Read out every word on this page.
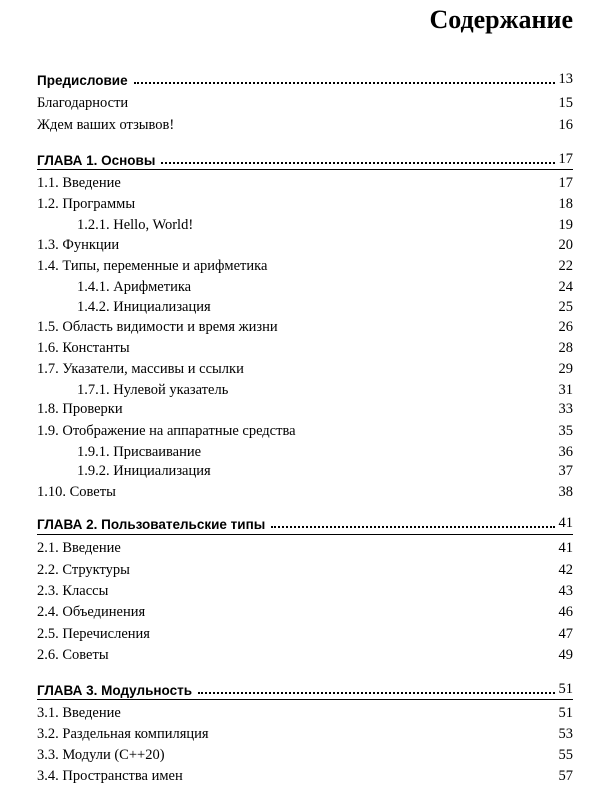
Содержание
Предисловие	13
Благодарности	15
Ждем ваших отзывов!	16
ГЛАВА 1. Основы	17
1.1. Введение	17
1.2. Программы	18
1.2.1. Hello, World!	19
1.3. Функции	20
1.4. Типы, переменные и арифметика	22
1.4.1. Арифметика	24
1.4.2. Инициализация	25
1.5. Область видимости и время жизни	26
1.6. Константы	28
1.7. Указатели, массивы и ссылки	29
1.7.1. Нулевой указатель	31
1.8. Проверки	33
1.9. Отображение на аппаратные средства	35
1.9.1. Присваивание	36
1.9.2. Инициализация	37
1.10. Советы	38
ГЛАВА 2. Пользовательские типы	41
2.1. Введение	41
2.2. Структуры	42
2.3. Классы	43
2.4. Объединения	46
2.5. Перечисления	47
2.6. Советы	49
ГЛАВА 3. Модульность	51
3.1. Введение	51
3.2. Раздельная компиляция	53
3.3. Модули (C++20)	55
3.4. Пространства имен	57
